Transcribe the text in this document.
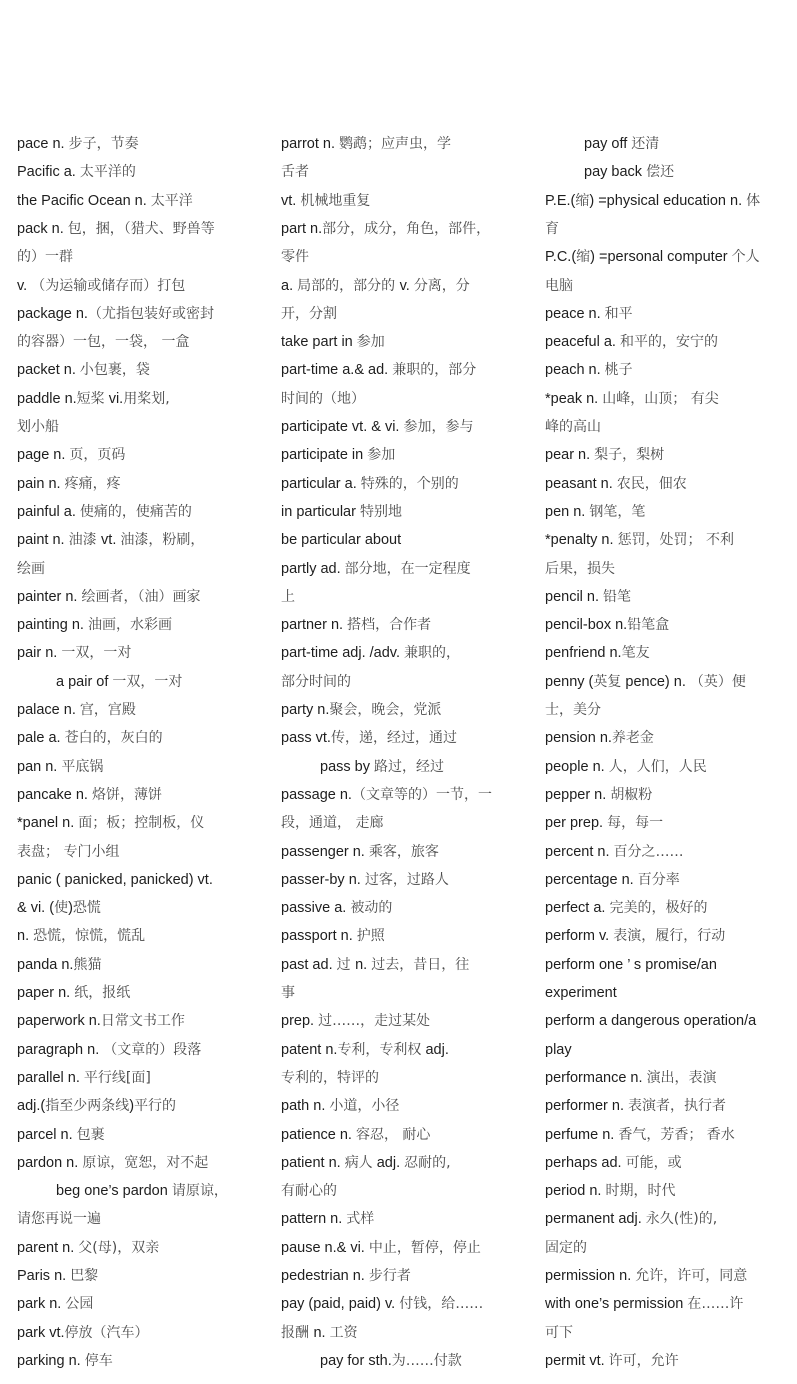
pace n. 步子，节奏
Pacific a. 太平洋的
the Pacific Ocean n. 太平洋
pack n. 包，捆，（猎犬、野兽等
的）一群
v. （为运输或储存而）打包
package n.（尤指包装好或密封
的容器）一包，一袋， 一盒
packet n. 小包裹，袋
paddle n.短桨 vi.用桨划,
划小船
page n. 页，页码
pain n. 疼痛，疼
painful a. 使痛的，使痛苦的
paint n. 油漆 vt. 油漆，粉刷，
绘画
painter n. 绘画者，（油）画家
painting n. 油画，水彩画
pair n. 一双，一对
a pair of 一双，一对
palace n. 宫，宫殿
pale a. 苍白的，灰白的
pan n. 平底锅
pancake n. 烙饼，薄饼
*panel n. 面；板；控制板，仪
表盘； 专门小组
panic ( panicked, panicked) vt.
& vi. (使)恐慌
n. 恐慌，惊慌，慌乱
panda n.熊猫
paper n. 纸，报纸
paperwork n.日常文书工作
paragraph n. （文章的）段落
parallel n. 平行线[面]
adj.(指至少两条线)平行的
parcel n. 包裹
pardon n. 原谅，宽恕，对不起
beg one’s pardon 请原谅，
请您再说一遍
parent n. 父(母)，双亲
Paris n. 巴黎
park n. 公园
park vt.停放（汽车）
parking n. 停车
parrot n. 鹦鹉；应声虫，学
舌者
vt. 机械地重复
part n.部分，成分，角色，部件，
零件
a. 局部的，部分的 v. 分离，分
开，分割
take part in 参加
part-time a.& ad. 兼职的，部分
时间的（地）
participate vt. & vi. 参加，参与
participate in 参加
particular a. 特殊的，个别的
in particular 特别地
be particular about
partly ad. 部分地，在一定程度
上
partner n. 搭档，合作者
part-time adj. /adv. 兼职的，
部分时间的
party n.聚会，晚会，党派
pass vt.传，递，经过，通过
pass by 路过，经过
passage n.（文章等的）一节，一
段，通道， 走廊
passenger n. 乘客，旅客
passer-by n. 过客，过路人
passive a. 被动的
passport n. 护照
past ad. 过 n. 过去，昔日，往
事
prep. 过……，走过某处
patent n.专利，专利权 adj.
专利的，特评的
path n. 小道，小径
patience n. 容忍， 耐心
patient n. 病人 adj. 忍耐的,
有耐心的
pattern n. 式样
pause n.& vi. 中止，暂停，停止
pedestrian n. 步行者
pay (paid, paid) v. 付钱，给……
报酬 n. 工资
pay for sth.为……付款
pay off 还清
pay back 偿还
P.E.(缩) =physical education n. 体
育
P.C.(缩) =personal computer 个人
电脑
peace n. 和平
peaceful a. 和平的，安宁的
peach n. 桃子
*peak n. 山峰，山顶； 有尖
峰的高山
pear n. 梨子，梨树
peasant n. 农民，佃农
pen n. 钢笔，笔
*penalty n. 惩罚，处罚； 不利
后果，损失
pencil n. 铅笔
pencil-box n.铅笔盒
penfriend n.笔友
penny (英复 pence) n. （英）便
士，美分
pension n.养老金
people n. 人，人们，人民
pepper n. 胡椒粉
per prep. 每，每一
percent n. 百分之……
percentage n. 百分率
perfect a. 完美的，极好的
perform v. 表演，履行，行动
perform one ’ s promise/an
experiment
perform a dangerous operation/a
play
performance n. 演出，表演
performer n. 表演者，执行者
perfume n. 香气，芳香； 香水
perhaps ad. 可能，或
period n. 时期，时代
permanent adj. 永久(性)的,
固定的
permission n. 允许，许可，同意
with one’s permission 在……许
可下
permit vt. 许可，允许
